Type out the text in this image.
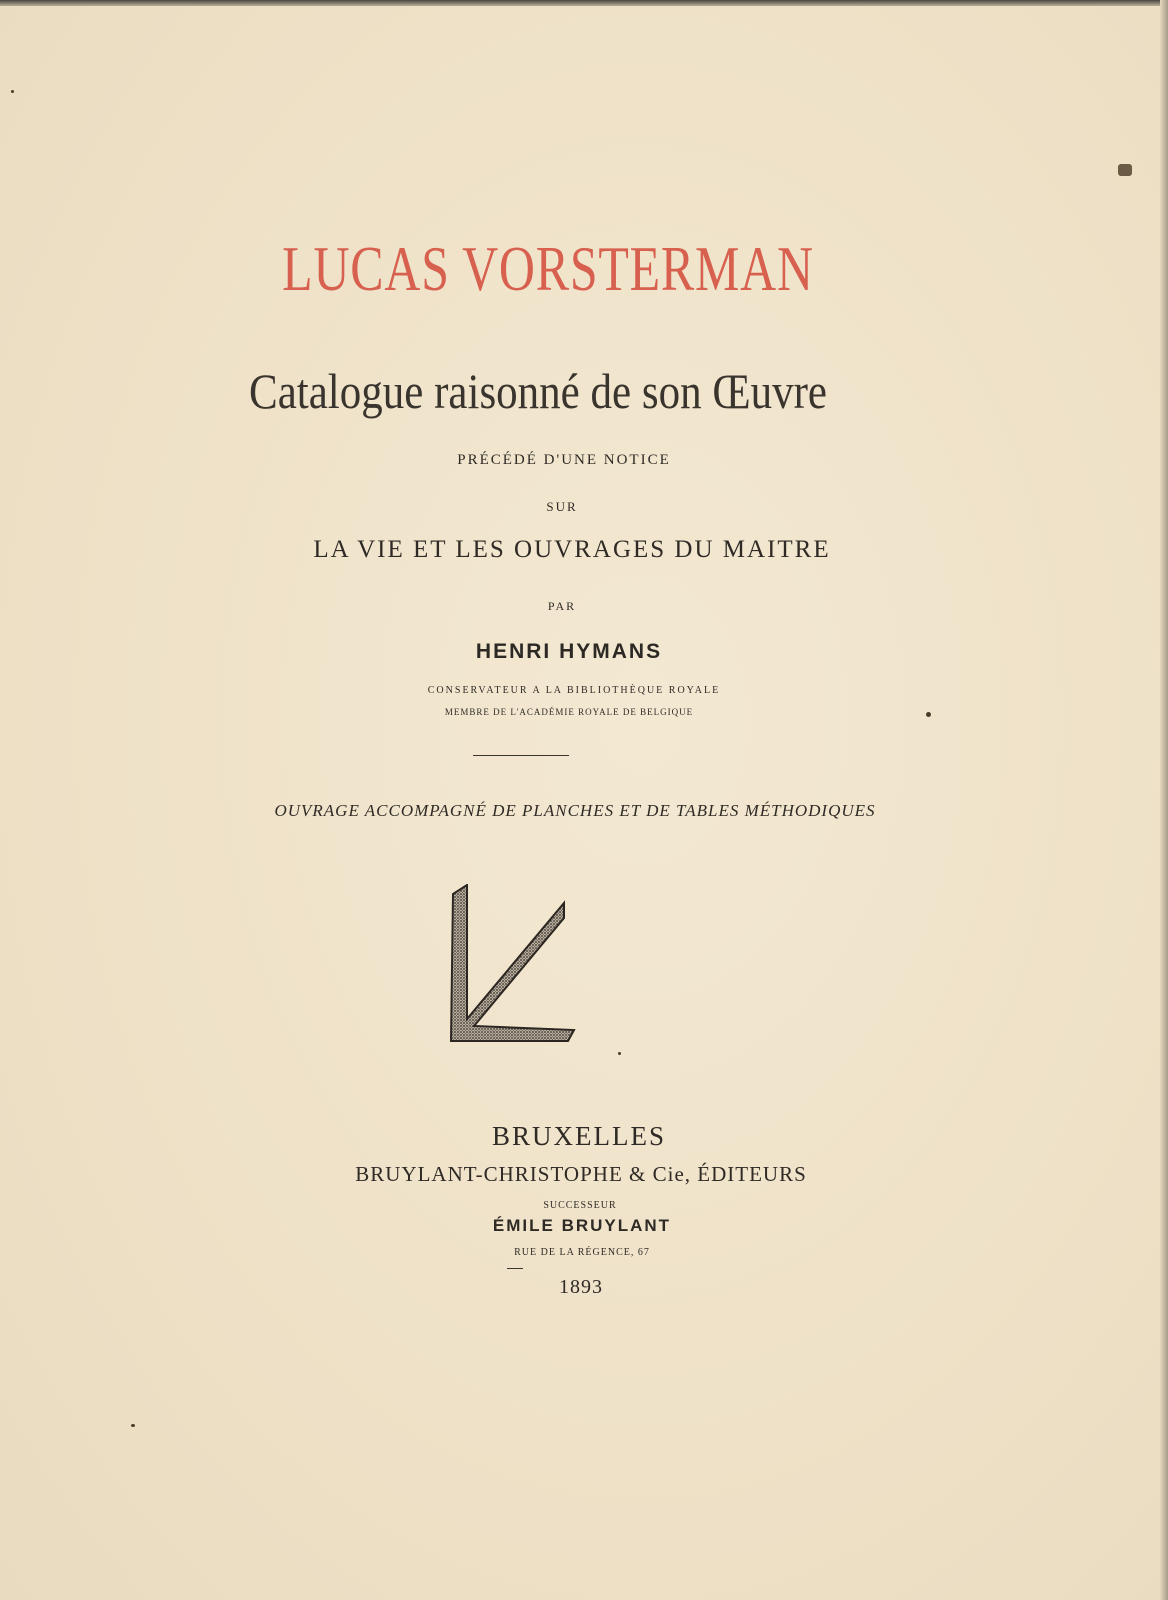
LUCAS VORSTERMAN
Catalogue raisonné de son Œuvre
PRÉCÉDÉ D'UNE NOTICE
SUR
LA VIE ET LES OUVRAGES DU MAITRE
PAR
HENRI HYMANS
CONSERVATEUR A LA BIBLIOTHÈQUE ROYALE
MEMBRE DE L'ACADÉMIE ROYALE DE BELGIQUE
OUVRAGE ACCOMPAGNÉ DE PLANCHES ET DE TABLES MÉTHODIQUES
BRUXELLES
BRUYLANT-CHRISTOPHE & Cie, ÉDITEURS
SUCCESSEUR
ÉMILE BRUYLANT
RUE DE LA RÉGENCE, 67
1893
